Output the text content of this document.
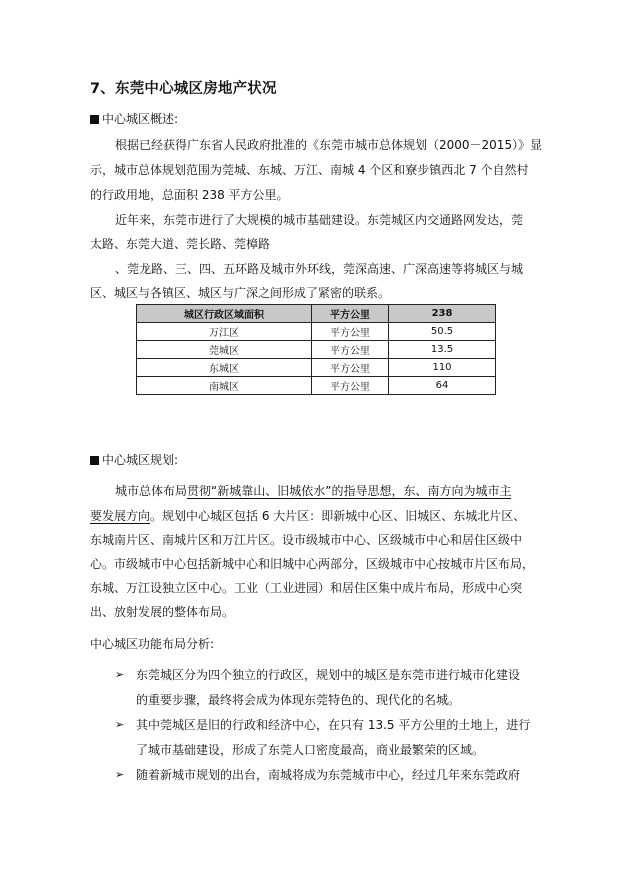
7、东莞中心城区房地产状况
中心城区概述:
根据已经获得广东省人民政府批准的《东莞市城市总体规划（2000－2015）》显
示，城市总体规划范围为莞城、东城、万江、南城 4 个区和寮步镇西北 7 个自然村
的行政用地，总面积 238 平方公里。
近年来，东莞市进行了大规模的城市基础建设。东莞城区内交通路网发达，莞
太路、东莞大道、莞长路、莞樟路
、莞龙路、三、四、五环路及城市外环线，莞深高速、广深高速等将城区与城
区、城区与各镇区、城区与广深之间形成了紧密的联系。
城区行政区域面积	平方公里	238
万江区	平方公里	50.5
莞城区	平方公里	13.5
东城区	平方公里	110
南城区	平方公里	64
中心城区规划:
城市总体布局贯彻“新城靠山、旧城依水”的指导思想，东、南方向为城市主
要发展方向。规划中心城区包括 6 大片区：即新城中心区、旧城区、东城北片区、
东城南片区、南城片区和万江片区。设市级城市中心、区级城市中心和居住区级中
心。市级城市中心包括新城中心和旧城中心两部分，区级城市中心按城市片区布局，
东城、万江设独立区中心。工业（工业进园）和居住区集中成片布局，形成中心突
出、放射发展的整体布局。
中心城区功能布局分析:
➢ 东莞城区分为四个独立的行政区，规划中的城区是东莞市进行城市化建设
的重要步骤，最终将会成为体现东莞特色的、现代化的名城。
➢ 其中莞城区是旧的行政和经济中心，在只有 13.5 平方公里的土地上，进行
了城市基础建设，形成了东莞人口密度最高，商业最繁荣的区域。
➢ 随着新城市规划的出台，南城将成为东莞城市中心，经过几年来东莞政府
